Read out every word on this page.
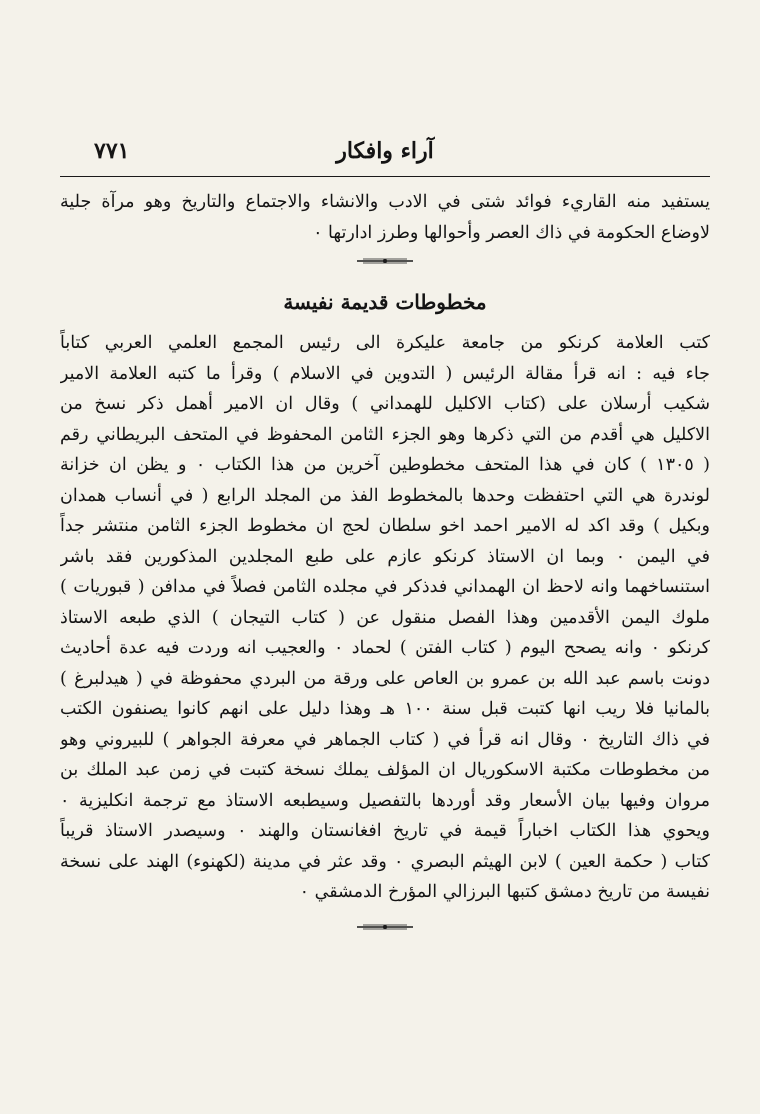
آراء وافكار
٧٧١
يستفيد منه القاريء فوائد شتى في الادب والانشاء والاجتماع والتاريخ وهو مرآة جلية
لاوضاع الحكومة في ذاك العصر وأحوالها وطرز ادارتها ٠
مخطوطات قديمة نفيسة
كتب العلامة كرنكو من جامعة عليكرة الى رئيس المجمع العلمي العربي كتاباً
جاء فيه : انه قرأ مقالة الرئيس ( التدوين في الاسلام ) وقرأ ما كتبه العلامة الامير
شكيب أرسلان على (كتاب الاكليل للهمداني ) وقال ان الامير أهمل ذكر نسخ من
الاكليل هي أقدم من التي ذكرها وهو الجزء الثامن المحفوظ في المتحف البريطاني رقم
( ١٣٠٥ ) كان في هذا المتحف مخطوطين آخرين من هذا الكتاب ٠ و يظن ان خزانة
لوندرة هي التي احتفظت وحدها بالمخطوط الفذ من المجلد الرابع ( في أنساب همدان
وبكيل ) وقد اكد له الامير احمد اخو سلطان لحج ان مخطوط الجزء الثامن منتشر جداً
في اليمن ٠ وبما ان الاستاذ كرنكو عازم على طبع المجلدين المذكورين فقد باشر
استنساخهما وانه لاحظ ان الهمداني فدذكر في مجلده الثامن فصلاً في مدافن ( قبوريات )
ملوك اليمن الأقدمين وهذا الفصل منقول عن ( كتاب التيجان ) الذي طبعه الاستاذ
كرنكو ٠ وانه يصحح اليوم ( كتاب الفتن ) لحماد ٠ والعجيب انه وردت فيه عدة أحاديث
دونت باسم عبد الله بن عمرو بن العاص على ورقة من البردي محفوظة في ( هيدلبرغ )
بالمانيا فلا ريب انها كتبت قبل سنة ١٠٠ هـ وهذا دليل على انهم كانوا يصنفون الكتب
في ذاك التاريخ ٠ وقال انه قرأ في ( كتاب الجماهر في معرفة الجواهر ) للبيروني وهو
من مخطوطات مكتبة الاسكوريال ان المؤلف يملك نسخة كتبت في زمن عبد الملك بن
مروان وفيها بيان الأسعار وقد أوردها بالتفصيل وسيطبعه الاستاذ مع ترجمة انكليزية ٠
ويحوي هذا الكتاب اخباراً قيمة في تاريخ افغانستان والهند ٠ وسيصدر الاستاذ قريباً
كتاب ( حكمة العين ) لابن الهيثم البصري ٠ وقد عثر في مدينة (لكهنوء) الهند على نسخة
نفيسة من تاريخ دمشق كتبها البرزالي المؤرخ الدمشقي ٠
